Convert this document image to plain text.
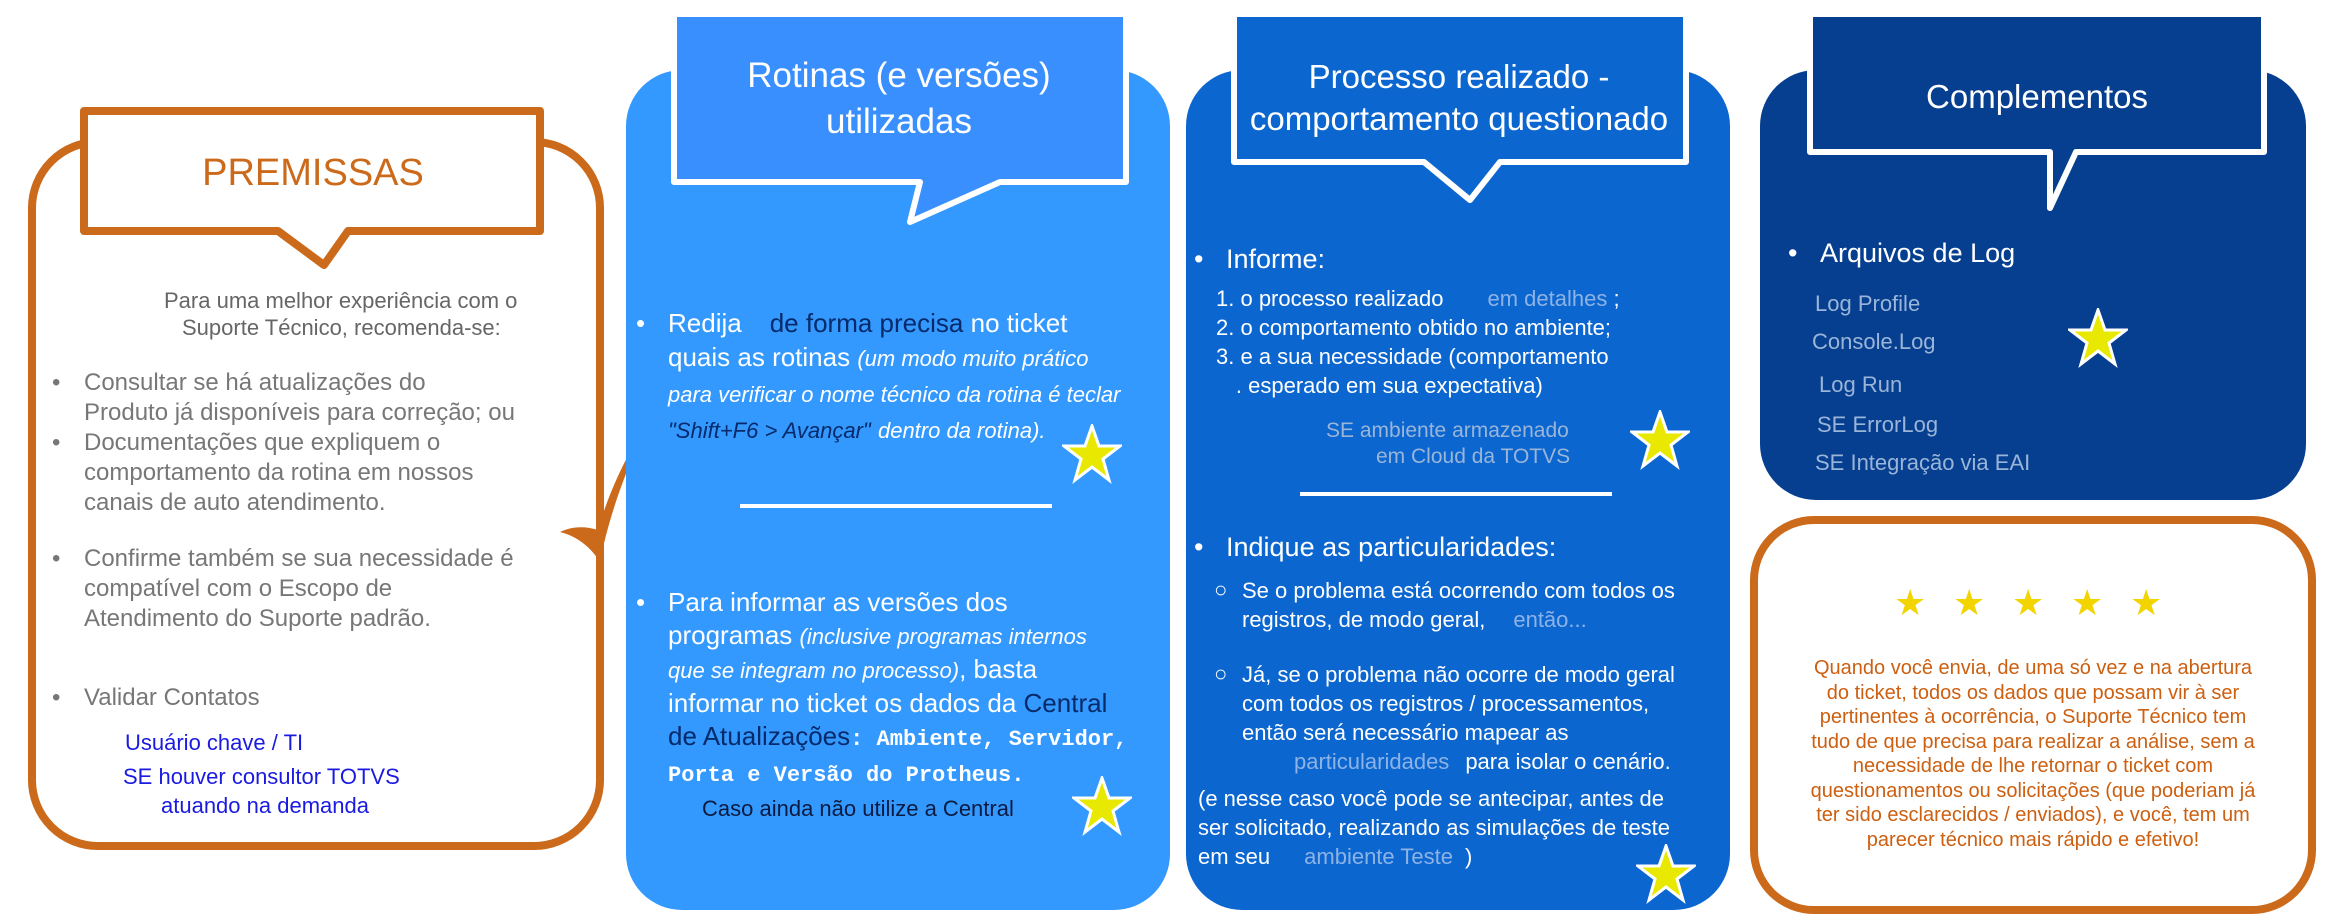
PREMISSAS
Para uma melhor experiência com o
Suporte Técnico, recomenda-se:
• Consultar se há atualizações do
Produto já disponíveis para correção; ou
• Documentações que expliquem o
comportamento da rotina em nossos
canais de auto atendimento.
• Confirme também se sua necessidade é
compatível com o Escopo de
Atendimento do Suporte padrão.
• Validar Contatos
Usuário chave / TI
SE houver consultor TOTVS
atuando na demanda
Rotinas (e versões)
utilizadas
• Redija de forma precisa no ticket
quais as rotinas (um modo muito prático
para verificar o nome técnico da rotina é teclar
"Shift+F6 > Avançar" dentro da rotina).
• Para informar as versões dos
programas (inclusive programas internos
que se integram no processo), basta
informar no ticket os dados da Central
de Atualizações: Ambiente, Servidor,
Porta e Versão do Protheus.
Caso ainda não utilize a Central
Processo realizado -
comportamento questionado
• Informe:
1. o processo realizado em detalhes ;
2. o comportamento obtido no ambiente;
3. e a sua necessidade (comportamento
. esperado em sua expectativa)
SE ambiente armazenado
em Cloud da TOTVS
• Indique as particularidades:
○ Se o problema está ocorrendo com todos os
registros, de modo geral, então...
○ Já, se o problema não ocorre de modo geral
com todos os registros / processamentos,
então será necessário mapear as
particularidades para isolar o cenário.
(e nesse caso você pode se antecipar, antes de
ser solicitado, realizando as simulações de teste
em seu ambiente Teste )
Complementos
• Arquivos de Log
Log Profile
Console.Log
Log Run
SE ErrorLog
SE Integração via EAI
★ ★ ★ ★ ★
Quando você envia, de uma só vez e na abertura
do ticket, todos os dados que possam vir à ser
pertinentes à ocorrência, o Suporte Técnico tem
tudo de que precisa para realizar a análise, sem a
necessidade de lhe retornar o ticket com
questionamentos ou solicitações (que poderiam já
ter sido esclarecidos / enviados), e você, tem um
parecer técnico mais rápido e efetivo!
